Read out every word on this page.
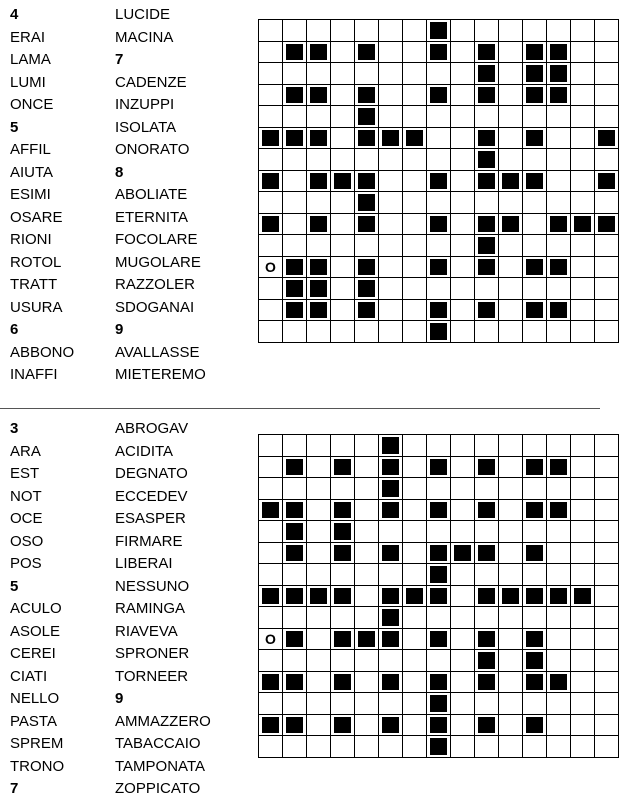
4
ERAI
LAMA
LUMI
ONCE
5
AFFIL
AIUTA
ESIMI
OSARE
RIONI
ROTOL
TRATT
USURA
6
ABBONO
INAFFI
LUCIDE
MACINA
7
CADENZE
INZUPPI
ISOLATA
ONORATO
8
ABOLIATE
ETERNITA
FOCOLARE
MUGOLARE
RAZZOLER
SDOGANAI
9
AVALLASSE
MIETEREMO

O														

3
ARA
EST
NOT
OCE
OSO
POS
5
ACULO
ASOLE
CEREI
CIATI
NELLO
PASTA
SPREM
TRONO
7
ABROGAV
ACIDITA
DEGNATO
ECCEDEV
ESASPER
FIRMARE
LIBERAI
NESSUNO
RAMINGA
RIAVEVA
SPRONER
TORNEER
9
AMMAZZERO
TABACCAIO
TAMPONATA
ZOPPICATO

O														
